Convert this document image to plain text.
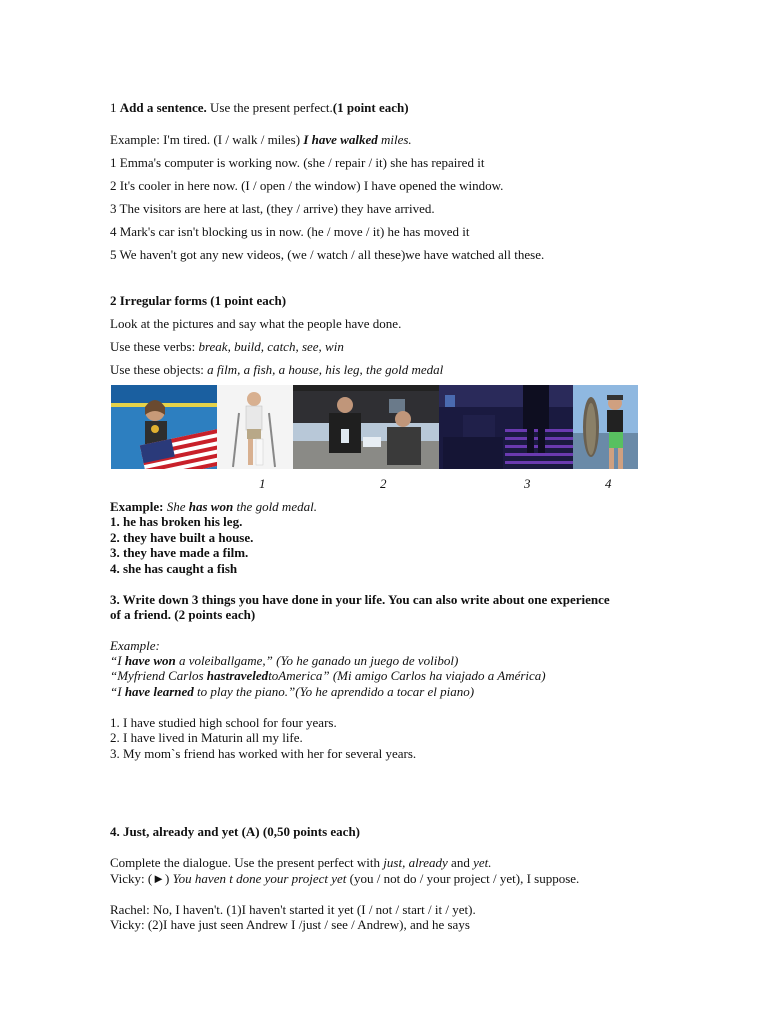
1 Add a sentence. Use the present perfect.(1 point each)
Example: I'm tired. (I / walk / miles) I have walked miles.
1 Emma's computer is working now. (she / repair / it) she has repaired it
2 It's cooler in here now. (I / open / the window) I have opened the window.
3 The visitors are here at last, (they / arrive) they have arrived.
4 Mark's car isn't blocking us in now. (he / move / it) he has moved it
5 We haven't got any new videos, (we / watch / all these)we have watched all these.
2 Irregular forms (1 point each)
Look at the pictures and say what the people have done.
Use these verbs: break, build, catch, see, win
Use these objects: a film, a fish, a house, his leg, the gold medal
1	2	3	4
Example: She has won the gold medal.
1. he has broken his leg.
2. they have built a house.
3. they have made a film.
4. she has caught a fish
3. Write down 3 things you have done in your life. You can also write about one experience
of a friend. (2 points each)
Example:
“I have won a voleiballgame,” (Yo he ganado un juego de volibol)
“Myfriend Carlos hastraveledtoAmerica” (Mi amigo Carlos ha viajado a América)
“I have learned to play the piano.”(Yo he aprendido a tocar el piano)
1. I have studied high school for four years.
2. I have lived in Maturin all my life.
3. My mom`s friend has worked with her for several years.
4. Just, already and yet (A) (0,50 points each)
Complete the dialogue. Use the present perfect with just, already and yet.
Vicky: (►) You haven t done your project yet (you / not do / your project / yet), I suppose.
Rachel: No, I haven't. (1)I haven't started it yet (I / not / start / it / yet).
Vicky: (2)I have just seen Andrew I /just / see / Andrew), and he says
